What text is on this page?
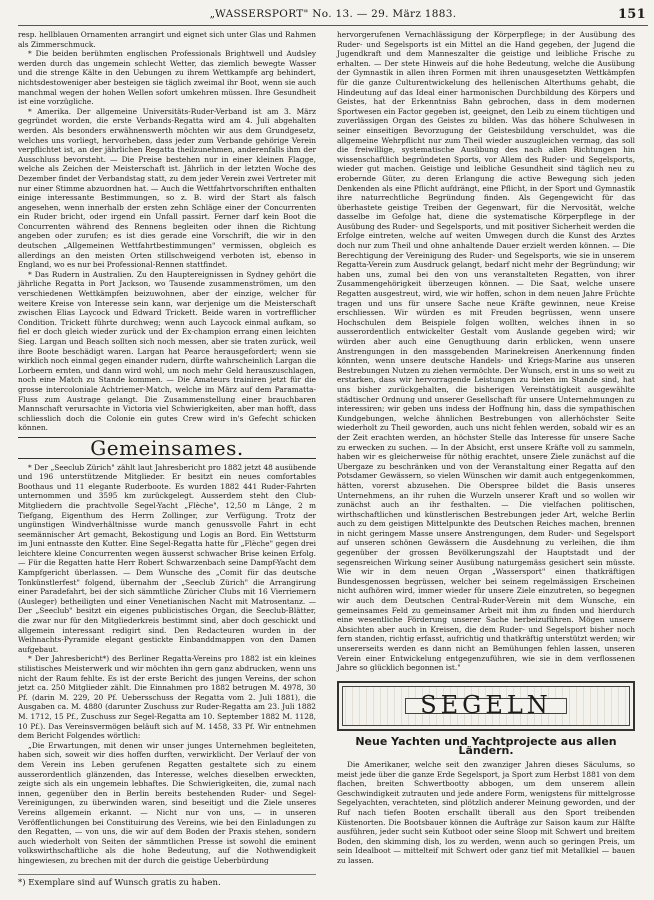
„WASSERSPORT" No. 13. — 29. März 1883.	151

resp. hellblauen Ornamenten arrangirt und eignet sich unter Glas und Rahmen als Zimmerschmuck.

* Die beiden berühmten englischen Professionals Brightwell und Audsley werden durch das ungemein schlecht Wetter, das ziemlich bewegte Wasser und die strenge Kälte in den Uebungen zu ihrem Wettkampfe arg behindert, nichtsdestoweniger aber besteigen sie täglich zweimal ihr Boot, wenn sie auch manchmal wegen der hohen Wellen sofort umkehren müssen. Ihre Gesundheit ist eine vorzügliche.

* Amerika. Der allgemeine Universitäts-Ruder-Verband ist am 3. März gegründet worden, die erste Verbands-Regatta wird am 4. Juli abgehalten werden. Als besonders erwähnenswerth möchten wir aus dem Grundgesetz, welches uns vorliegt, hervorheben, dass jeder zum Verbande gehörige Verein verpflichtet ist, an der jährlichen Regatta theilzunehmen, anderenfalls ihm der Ausschluss bevorsteht. — Die Preise bestehen nur in einer kleinen Flagge, welche als Zeichen der Meisterschaft ist. Jährlich in der letzten Woche des Dezember findet der Verbandstag statt, zu dem jeder Verein zwei Vertreter mit nur einer Stimme abzuordnen hat. — Auch die Wettfahrtvorschriften enthalten einige interessante Bestimmungen, so z. B. wird der Start als falsch angesehen, wenn innerhalb der ersten zehn Schläge einer der Concurrenten ein Ruder bricht, oder irgend ein Unfall passirt. Ferner darf kein Boot die Concurrenten während des Rennens begleiten oder ihnen die Richtung angeben oder zurufen; es ist dies gerade eine Vorschrift, die wir in den deutschen „Allgemeinen Wettfahrtbestimmungen" vermissen, obgleich es allerdings an den meisten Orten stillschweigend verboten ist, ebenso in England, wo es nur bei Professional-Rennen stattfindet.

* Das Rudern in Australien. Zu den Hauptereignissen in Sydney gehört die jährliche Regatta in Port Jackson, wo Tausende zusammenströmen, um den verschiedenen Wettkämpfen beizuwohnen, aber der einzige, welcher für weitere Kreise von Interesse sein kann, war derjenige um die Meisterschaft zwischen Elias Laycock und Edward Trickett. Beide waren in vortrefflicher Condition. Trickett führte durchweg; wenn auch Laycock einmal aufkam, so fiel er doch gleich wieder zurück und der Ex-champion errang einen leichten Sieg. Largan und Beach sollten sich noch messen, aber sie traten zurück, weil ihre Boote beschädigt waren. Largan hat Pearce herausgefordert; wenn sie wirklich noch einmal gegen einander rudern, dürfte wahrscheinlich Largan die Lorbeern ernten, und dann wird wohl, um noch mehr Geld herauszuschlagen, noch eine Match zu Stande kommen. — Die Amateurs trainiren jetzt für die grosse intercoloniale Achtriemer-Match, welche im März auf dem Paramatta-Fluss zum Austrage gelangt. Die Zusammenstellung einer brauchbaren Mannschaft verursachte in Victoria viel Schwierigkeiten, aber man hofft, dass schliesslich doch die Colonie ein gutes Crew wird in's Gefecht schicken können.

Gemeinsames.

* Der „Seeclub Zürich" zählt laut Jahresbericht pro 1882 jetzt 48 ausübende und 196 unterstützende Mitglieder. Er besitzt ein neues comfortables Boothaus und 11 elegante Ruderboote. Es wurden 1882 441 Ruder-Fahrten unternommen und 3595 km zurückgelegt. Ausserdem steht den Club-Mitgliedern die prachtvolle Segel-Yacht „Flèche", 12,50 m Länge, 2 m Tiefgang, Eigenthum des Herrn Zollinger, zur Verfügung. Trotz der ungünstigen Windverhältnisse wurde manch genussvolle Fahrt in echt seemännischer Art gemacht, Bekostigung und Logis an Bord. Ein Wettsturm im Juni entnasste den Kutter. Eine Segel-Regatta hatte für „Flèche" gegen drei leichtere kleine Concurrenten wegen äusserst schwacher Brise keinen Erfolg. — Für die Regatten hatte Herr Robert Schwarzenbach seine Dampf-Yacht dem Kampfgericht überlassen. — Dem Wunsche des „Comit für das deutsche Tonkünstlerfest" folgend, übernahm der „Seeclub Zürich" die Arrangirung einer Paradefahrt, bei der sich sämmtliche Züricher Clubs mit 16 Vierriemern (Ausleger) betheiligten und einer Venetianischen Nacht mit Matrosentanz. — Der „Seeclub" besitzt ein eigenes publicistisches Organ, die Seeclub-Blätter, die zwar nur für den Mitgliederkreis bestimmt sind, aber doch geschickt und allgemein interessant redigirt sind. Den Redacteuren wurden in der Weihnachts-Pyramide elegant gestickte Einbanddmappen von den Damen aufgebaut.

* Der Jahresbericht*) des Berliner Regatta-Vereins pro 1882 ist ein kleines stilistisches Meisterwerk und wir möchten ihn gern ganz abdrucken, wenn uns nicht der Raum fehlte. Es ist der erste Bericht des jungen Vereins, der schon jetzt ca. 250 Mitglieder zählt. Die Einnahmen pro 1882 betrugen M. 4978, 30 Pf. (darin M. 229, 20 Pf. Uebersschuss der Regatta vom 2. Juli 1881), die Ausgaben ca. M. 4880 (darunter Zuschuss zur Ruder-Regatta am 23. Juli 1882 M. 1712, 15 Pf., Zuschuss zur Segel-Regatta am 10. September 1882 M. 1128, 10 Pf.). Das Vereinsvermögen beläuft sich auf M. 1458, 33 Pf. Wir entnehmen dem Bericht Folgendes wörtlich:

„Die Erwartungen, mit denen wir unser junges Unternehmen begleiteten, haben sich, soweit wir dies hoffen durften, verwirklicht. Der Verlauf der von dem Verein ins Leben gerufenen Regatten gestaltete sich zu einem ausserordentlich glänzenden, das Interesse, welches dieselben erweckten, zeigte sich als ein ungemein lebhaftes. Die Schwierigkeiten, die, zumal nach innen, gegenüber den in Berlin bereits bestehenden Ruder- und Segel-Vereinigungen, zu überwinden waren, sind beseitigt und die Ziele unseres Vereins allgemein erkannt. — Nicht nur von uns, — in unseren Veröffentlichungen bei Constituirung des Vereins, wie bei den Einladungen zu den Regatten, — von uns, die wir auf dem Boden der Praxis stehen, sondern auch wiederholt von Seiten der sämmtlichen Presse ist sowohl die eminent volkswirthschaftliche als die hohe Bedeutung, auf die Nothwendigkeit hingewiesen, zu brechen mit der durch die geistige Ueberbürdung

hervorgerufenen Vernachlässigung der Körperpflege; in der Ausübung des Ruder- und Segelsports ist ein Mittel an die Hand gegeben, der Jugend die Jugendkraft und dem Manneszalter die geistige und leibliche Frische zu erhalten. — Der stete Hinweis auf die hohe Bedeutung, welche die Ausübung der Gymnastik in allen ihren Formen mit ihren unausgesetzten Wettkämpfen für die ganze Culturentwickelung des hellenischen Alterthums gehabt, die Hindeutung auf das Ideal einer harmonischen Durchbildung des Körpers und Geistes, hat der Erkenntniss Bahn gebrochen, dass in dem modernen Sportwesen ein Factor gegeben ist, geeignet, den Leib zu einem tüchtigen und zuverlässigen Organ des Geistes zu bilden. Was das höhere Schulwesen in seiner einseitigen Bevorzugung der Geistesbildung verschuldet, was die allgemeine Wehrpflicht nur zum Theil wieder auszugleichen vermag, das soll die freiwillige, systematische Ausübung des nach allen Richtungen hin wissenschaftlich begründeten Sports, vor Allem des Ruder- und Segelsports, wieder gut machen. Geistige und leibliche Gesundheit sind täglich neu zu erobernde Güter, zu deren Erlangung die active Bewegung sich jeden Denkenden als eine Pflicht aufdrängt, eine Pflicht, in der Sport und Gymnastik ihre naturrechtliche Begründung finden. Als Gegengewicht für das überhastete geistige Treiben der Gegenwart, für die Nervosität, welche dasselbe im Gefolge hat, diene die systematische Körperpflege in der Ausübung des Ruder- und Segelsports, und mit positiver Sicherheit werden die Erfolge eintreten, welche auf weiten Umwegen durch die Kunst des Arztes doch nur zum Theil und ohne anhaltende Dauer erzielt werden können. — Die Berechtigung der Vereinigung des Ruder- und Segelsports, wie sie in unserem Regatta-Verein zum Ausdruck gelangt, bedarf nicht mehr der Begründung; wir haben uns, zumal bei den von uns veranstalteten Regatten, von ihrer Zusammengehörigkeit überzeugen können. — Die Saat, welche unsere Regatten ausgestreut, wird, wie wir hoffen, schon in dem neuen Jahre Früchte tragen und uns für unsere Sache neue Kräfte gewinnen, neue Kreise erschliessen. Wir würden es mit Freuden begrüssen, wenn unsere Hochschulen dem Beispiele folgen wollten, welches ihnen in so ausserordentlich entwickelter Gestalt vom Auslande gegeben wird; wir würden aber auch eine Genugthuung darin erblicken, wenn unsere Anstrengungen in den massgebenden Marinekreisen Anerkennung finden könnten, wenn unsere deutsche Handels- und Kriegs-Marine aus unseren Bestrebungen Nutzen zu ziehen vermöchte. Der Wunsch, erst in uns so weit zu erstarken, dass wir hervorragende Leistungen zu bieten im Stande sind, hat uns bisher zurückgehalten, die bisherigen Vereinstätigkeit ausgewählte städtischer Ordnung und unserer Gesellschaft für unsere Unternehmungen zu interessiren; wir geben uns indess der Hoffnung hin, dass die sympathischen Kundgebungen, welche ähnlichen Bestrebungen von allerhöchster Seite wiederholt zu Theil geworden, auch uns nicht fehlen werden, sobald wir es an der Zeit erachten werden, an höchster Stelle das Interesse für unsere Sache zu erwecken zu suchen. — In der Absicht, erst unsere Kräfte voll zu sammeln, haben wir es gleicherweise für nöthig erachtet, unsere Ziele zunächst auf die Ubergaze zu beschränken und von der Veranstaltung einer Regatta auf den Potsdamer Gewässern, so vielen Wünschen wir damit auch entgegenkommen, hätten, vorerst abzusehen. Die Oberspree bildet die Basis unseres Unternehmens, an ihr ruhen die Wurzeln unserer Kraft und so wollen wir zunächst auch an ihr festhalten. — Die vielfachen politischen, wirthschaftlichen und künstlerischen Bestrebungen jeder Art, welche Berlin auch zu dem geistigen Mittelpunkte des Deutschen Reiches machen, brennen in nicht geringem Masse unsere Anstrengungen, dem Ruder- und Segelsport auf unseren schönen Gewässern die Ausdehnung zu verleihen, die ihm gegenüber der grossen Bevölkerungszahl der Hauptstadt und der segensreichen Wirkung seiner Ausübung naturgemäss gesichert sein müsste. Wie wir in dem neuen Organ „Wassersport" einen thatkräftigen Bundesgenossen begrüssen, welcher bei seinem regelmässigen Erscheinen nicht aufhören wird, immer wieder für unsere Ziele einzutreten, so begegnen wir auch dem Deutschen Central-Ruder-Verein mit dem Wunsche, ein gemeinsames Feld zu gemeinsamer Arbeit mit ihm zu finden und hierdurch eine wesentliche Förderung unserer Sache herbeizuführen. Mögen unsere Absichten aber auch in Kreisen, die dem Ruder- und Segelsport bisher noch fern standen, richtig erfasst, aufrichtig und thatkräftig unterstützt werden; wir unsererseits werden es dann nicht an Bemühungen fehlen lassen, unseren Verein einer Entwickelung entgegenzuführen, wie sie in dem verflossenen Jahre so glücklich begonnen ist."

SEGELN
Neue Yachten und Yachtprojecte aus allen Ländern.

Die Amerikaner, welche seit den zwanziger Jahren dieses Säculums, so meist jede über die ganze Erde Segelsport, ja Sport zum Herbst 1881 von dem flachen, breiten Schwertbootty abbogen, um dem unserem allein Geschwindigkeit zutrauten und jede andere Form, wenigstens für mittelgrosse Segelyachten, verachteten, sind plötzlich anderer Meinung geworden, und der Ruf nach tiefen Booten erschallt überall aus den Sport treibenden Küstenorten. Die Bootsbauer können die Aufträge zur Saison kaum zur Hälfte ausführen, jeder sucht sein Kutboot oder seine Sloop mit Schwert und breitem Boden, den skimming dish, los zu werden, wenn auch so geringen Preis, um sein Idealboot — mittelteif mit Schwert oder ganz tief mit Metallkiel — bauen zu lassen.

*) Exemplare sind auf Wunsch gratis zu haben.
